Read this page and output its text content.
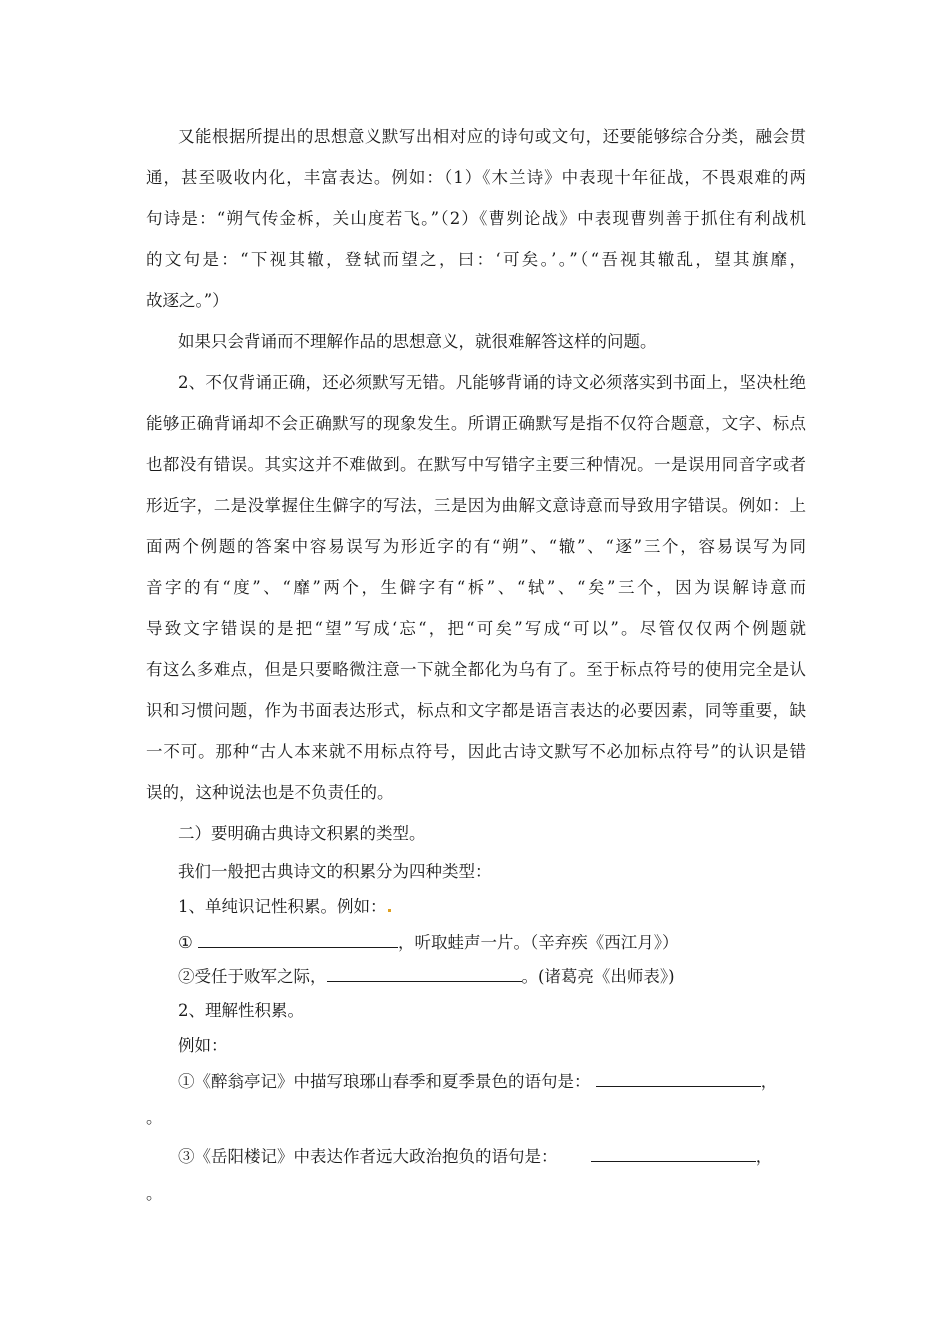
又能根据所提出的思想意义默写出相对应的诗句或文句，还要能够综合分类，融会贯
通，甚至吸收内化，丰富表达。例如：（1）《木兰诗》中表现十年征战，不畏艰难的两
句诗是：“朔气传金柝，关山度若飞。”（2）《曹刿论战》中表现曹刿善于抓住有利战机
的文句是：“下视其辙，登轼而望之，曰：‘可矣。’。”（“吾视其辙乱，望其旗靡，
故逐之。”）
如果只会背诵而不理解作品的思想意义，就很难解答这样的问题。
2、不仅背诵正确，还必须默写无错。凡能够背诵的诗文必须落实到书面上，坚决杜绝
能够正确背诵却不会正确默写的现象发生。所谓正确默写是指不仅符合题意，文字、标点
也都没有错误。其实这并不难做到。在默写中写错字主要三种情况。一是误用同音字或者
形近字，二是没掌握住生僻字的写法，三是因为曲解文意诗意而导致用字错误。例如：上
面两个例题的答案中容易误写为形近字的有“朔”、“辙”、“逐”三个，容易误写为同
音字的有“度”、“靡”两个，生僻字有“柝”、“轼”、“矣”三个，因为误解诗意而
导致文字错误的是把“望”写成‘忘“，把“可矣”写成“可以”。尽管仅仅两个例题就
有这么多难点，但是只要略微注意一下就全都化为乌有了。至于标点符号的使用完全是认
识和习惯问题，作为书面表达形式，标点和文字都是语言表达的必要因素，同等重要，缺
一不可。那种“古人本来就不用标点符号，因此古诗文默写不必加标点符号”的认识是错
误的，这种说法也是不负责任的。
二）要明确古典诗文积累的类型。
我们一般把古典诗文的积累分为四种类型：
1、单纯识记性积累。例如：
①	，听取蛙声一片。（辛弃疾《西江月》）
②受任于败军之际，	。(诸葛亮《出师表》)
2、理解性积累。
例如：
①《醉翁亭记》中描写琅琊山春季和夏季景色的语句是：	，
。
③《岳阳楼记》中表达作者远大政治抱负的语句是：	，
。
